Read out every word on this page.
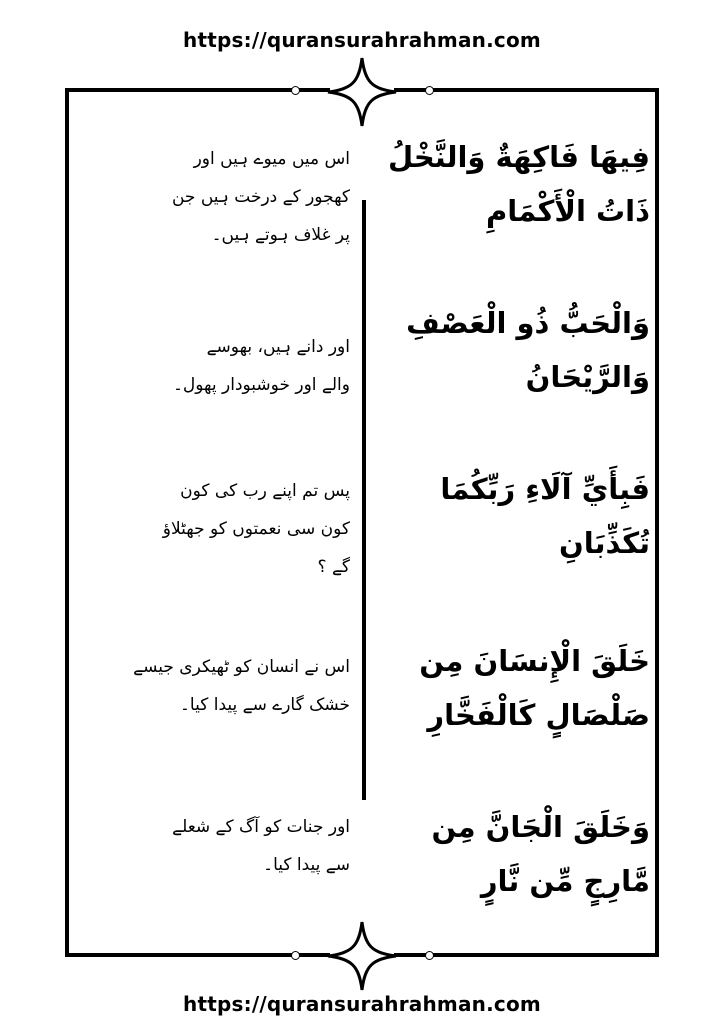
https://quransurahrahman.com
فِيهَا فَاكِهَةٌ وَالنَّخْلُ
ذَاتُ الْأَكْمَامِ
اس میں میوے ہیں اور
کھجور کے درخت ہیں جن
پر غلاف ہوتے ہیں۔
وَالْحَبُّ ذُو الْعَصْفِ
وَالرَّيْحَانُ
اور دانے ہیں، بھوسے
والے اور خوشبودار پھول۔
فَبِأَيِّ آلَاءِ رَبِّكُمَا
تُكَذِّبَانِ
پس تم اپنے رب کی کون
کون سی نعمتوں کو جھٹلاؤ
گے ؟
خَلَقَ الْإِنسَانَ مِن
صَلْصَالٍ كَالْفَخَّارِ
اس نے انسان کو ٹھیکری جیسے
خشک گارے سے پیدا کیا۔
وَخَلَقَ الْجَانَّ مِن
مَّارِجٍ مِّن نَّارٍ
اور جنات کو آگ کے شعلے
سے پیدا کیا۔
https://quransurahrahman.com
